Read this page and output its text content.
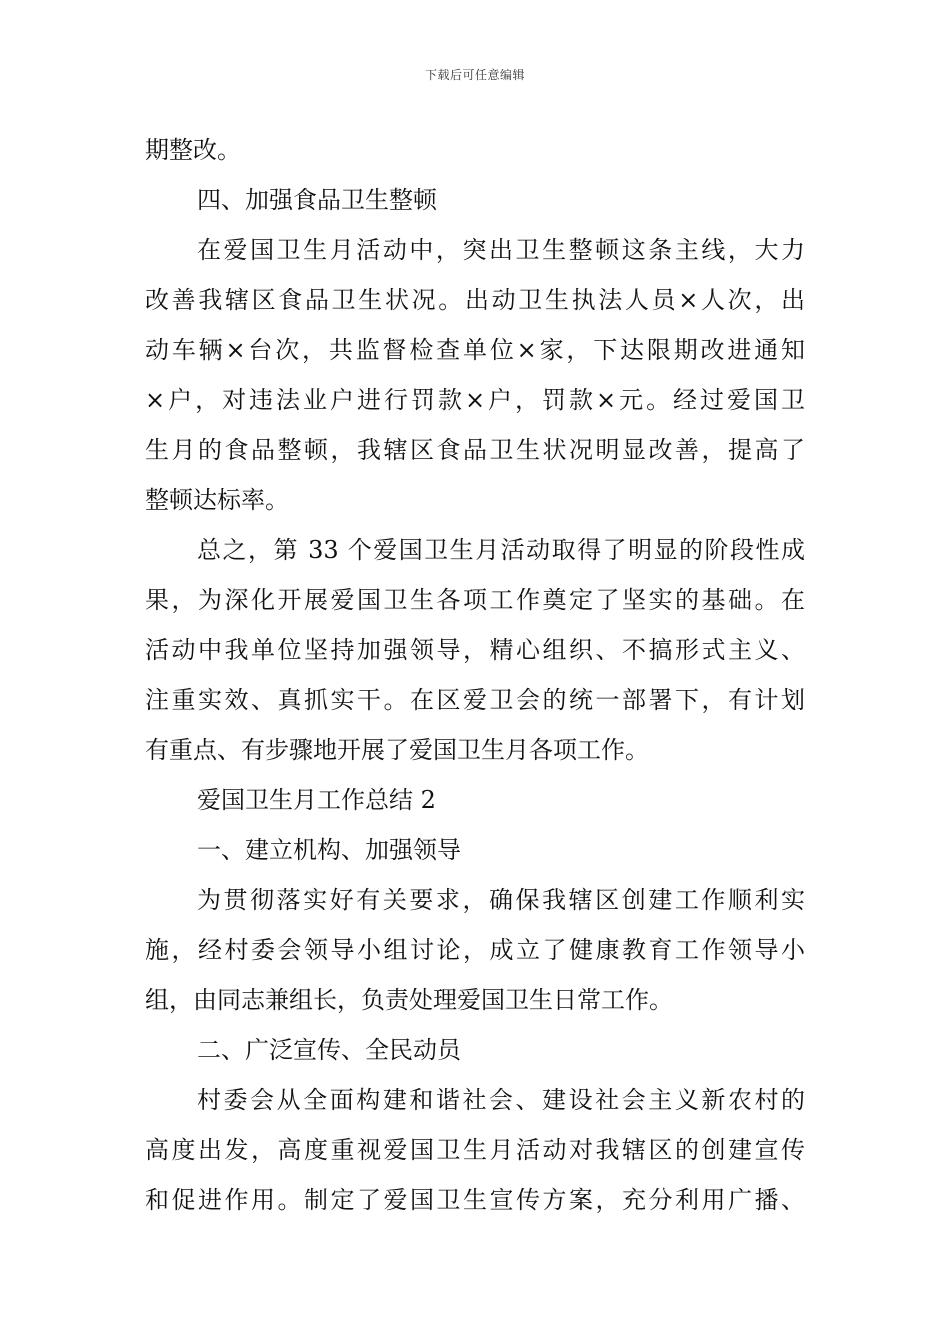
下载后可任意编辑
期整改。
四、加强食品卫生整顿
在爱国卫生月活动中，突出卫生整顿这条主线，大力
改善我辖区食品卫生状况。出动卫生执法人员×人次，出
动车辆×台次，共监督检查单位×家，下达限期改进通知
×户，对违法业户进行罚款×户，罚款×元。经过爱国卫
生月的食品整顿，我辖区食品卫生状况明显改善，提高了
整顿达标率。
总之，第 33 个爱国卫生月活动取得了明显的阶段性成
果，为深化开展爱国卫生各项工作奠定了坚实的基础。在
活动中我单位坚持加强领导，精心组织、不搞形式主义、
注重实效、真抓实干。在区爱卫会的统一部署下，有计划
有重点、有步骤地开展了爱国卫生月各项工作。
爱国卫生月工作总结 2
一、建立机构、加强领导
为贯彻落实好有关要求，确保我辖区创建工作顺利实
施，经村委会领导小组讨论，成立了健康教育工作领导小
组，由同志兼组长，负责处理爱国卫生日常工作。
二、广泛宣传、全民动员
村委会从全面构建和谐社会、建设社会主义新农村的
高度出发，高度重视爱国卫生月活动对我辖区的创建宣传
和促进作用。制定了爱国卫生宣传方案，充分利用广播、
